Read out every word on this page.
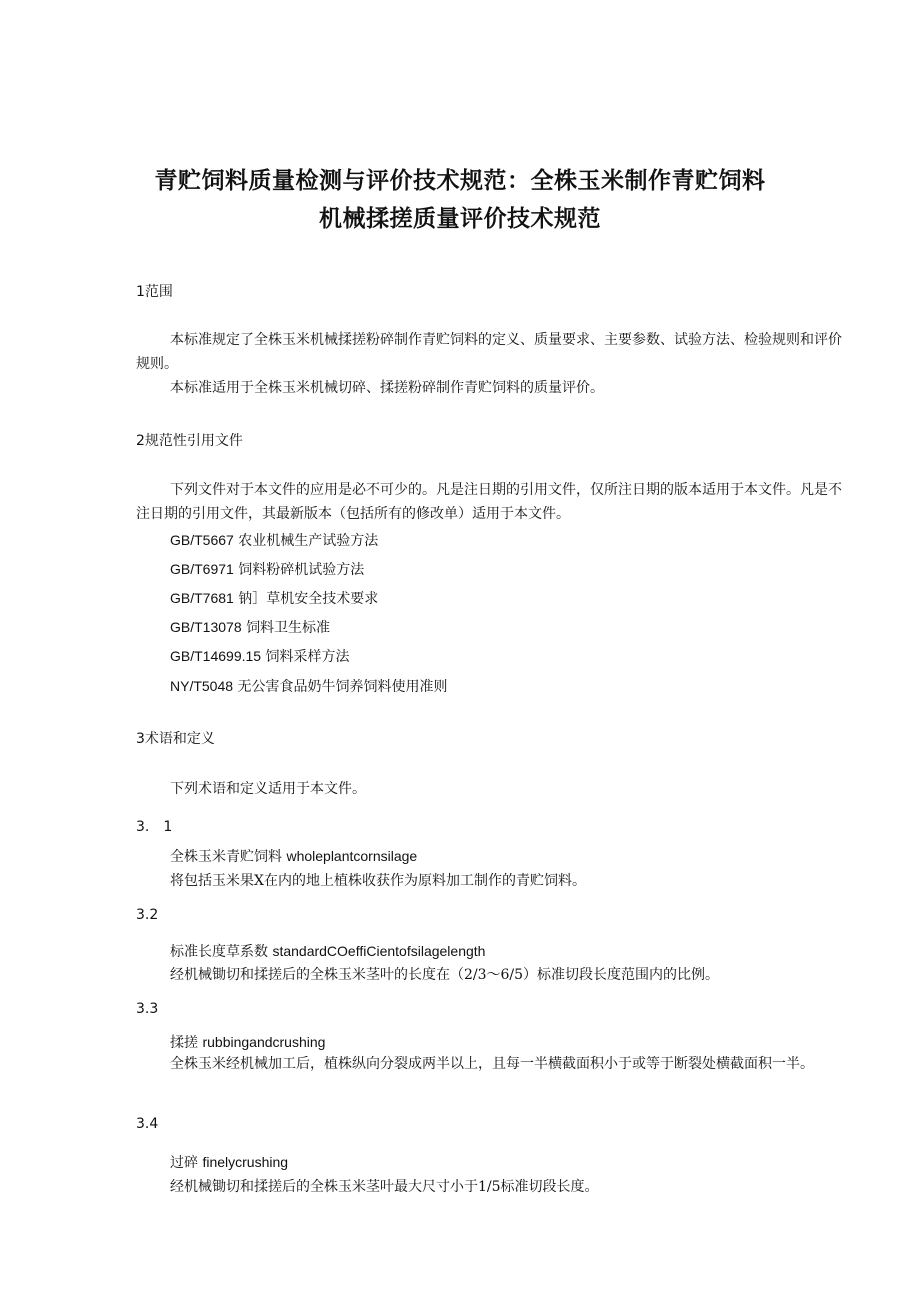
青贮饲料质量检测与评价技术规范：全株玉米制作青贮饲料
机械揉搓质量评价技术规范
1范围

本标准规定了全株玉米机械揉搓粉碎制作青贮饲料的定义、质量要求、主要参数、试验方法、检验规则和评价规则。

本标准适用于全株玉米机械切碎、揉搓粉碎制作青贮饲料的质量评价。

2规范性引用文件

下列文件对于本文件的应用是必不可少的。凡是注日期的引用文件，仅所注日期的版本适用于本文件。凡是不注日期的引用文件，其最新版本（包括所有的修改单）适用于本文件。

GB/T5667 农业机械生产试验方法

GB/T6971 饲料粉碎机试验方法

GB/T7681 钠］草机安全技术要求

GB/T13078 饲料卫生标准

GB/T14699.15 饲料采样方法

NY/T5048 无公害食品奶牛饲养饲料使用准则

3术语和定义

下列术语和定义适用于本文件。

3.　1

全株玉米青贮饲料 wholeplantcornsilage

将包括玉米果X在内的地上植株收获作为原料加工制作的青贮饲料。

3.2

标准长度草系数 standardCOeffiCientofsilagelength

经机械锄切和揉搓后的全株玉米茎叶的长度在（2/3～6/5）标准切段长度范围内的比例。

3.3

揉搓 rubbingandcrushing

全株玉米经机械加工后，植株纵向分裂成两半以上，且每一半横截面积小于或等于断裂处横截面积一半。

3.4

过碎 finelycrushing

经机械锄切和揉搓后的全株玉米茎叶最大尺寸小于1/5标准切段长度。
